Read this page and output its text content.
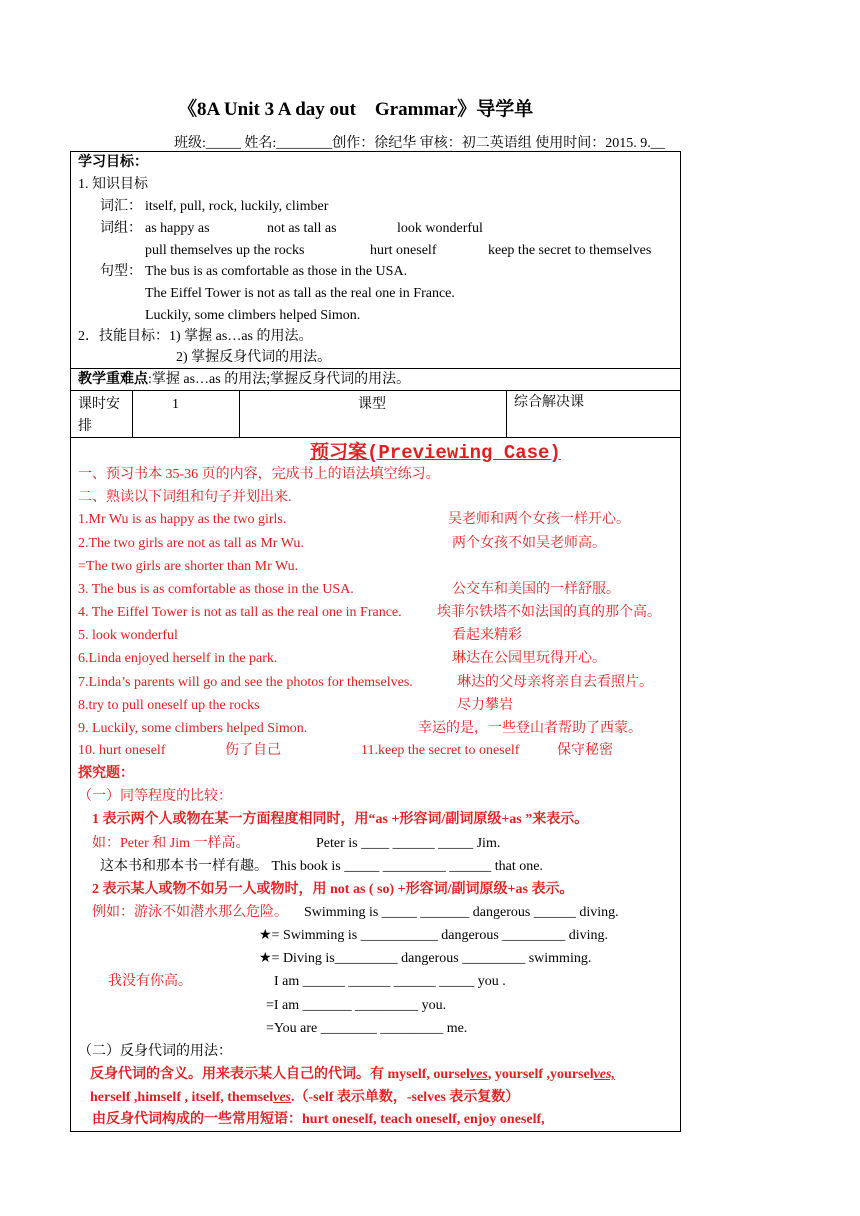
《8A Unit 3 A day out　Grammar》导学单
班级:_____ 姓名:________创作：徐纪华 审核：初二英语组 使用时间：2015. 9.__
学习目标：
1. 知识目标
词汇： itself, pull, rock, luckily, climber
词组： as happy as	not as tall as	look wonderful
pull themselves up the rocks	hurt oneself	keep the secret to themselves
句型： The bus is as comfortable as those in the USA.
The Eiffel Tower is not as tall as the real one in France.
Luckily, some climbers helped Simon.
2．技能目标：1) 掌握 as…as 的用法。
2) 掌握反身代词的用法。
教学重难点:掌握 as…as 的用法;掌握反身代词的用法。
课时安
排
1	课型	综合解决课
预习案(Previewing Case)
一、预习书本 35-36 页的内容，完成书上的语法填空练习。
二、熟读以下词组和句子并划出来.
1.Mr Wu is as happy as the two girls.	吴老师和两个女孩一样开心。
2.The two girls are not as tall as Mr Wu.	两个女孩不如吴老师高。
=The two girls are shorter than Mr Wu.
3. The bus is as comfortable as those in the USA.	公交车和美国的一样舒服。
4. The Eiffel Tower is not as tall as the real one in France.	埃菲尔铁塔不如法国的真的那个高。
5. look wonderful	看起来精彩
6.Linda enjoyed herself in the park.	琳达在公园里玩得开心。
7.Linda’s parents will go and see the photos for themselves.	琳达的父母亲将亲自去看照片。
8.try to pull oneself up the rocks	尽力攀岩
9. Luckily, some climbers helped Simon.	幸运的是，一些登山者帮助了西蒙。
10. hurt oneself	伤了自己	11.keep the secret to oneself	保守秘密
探究题：
（一）同等程度的比较：
1 表示两个人或物在某一方面程度相同时，用“as +形容词/副词原级+as ”来表示。
如：Peter 和 Jim 一样高。	Peter is ____ ______ _____ Jim.
这本书和那本书一样有趣。 This book is _____ _________ ______ that one.
2 表示某人或物不如另一人或物时，用 not as ( so) +形容词/副词原级+as 表示。
例如：游泳不如潜水那么危险。 Swimming is _____ _______ dangerous ______ diving.
★= Swimming is ___________ dangerous _________ diving.
★= Diving is_________ dangerous _________ swimming.
我没有你高。	I am ______ ______ ______ _____ you .
=I am _______ _________ you.
=You are ________ _________ me.
（二）反身代词的用法：
反身代词的含义。用来表示某人自己的代词。有 myself, ourselves, yourself ,yourselves,
herself ,himself , itself, themselves.（-self 表示单数，-selves 表示复数）
由反身代词构成的一些常用短语：hurt oneself, teach oneself, enjoy oneself,
